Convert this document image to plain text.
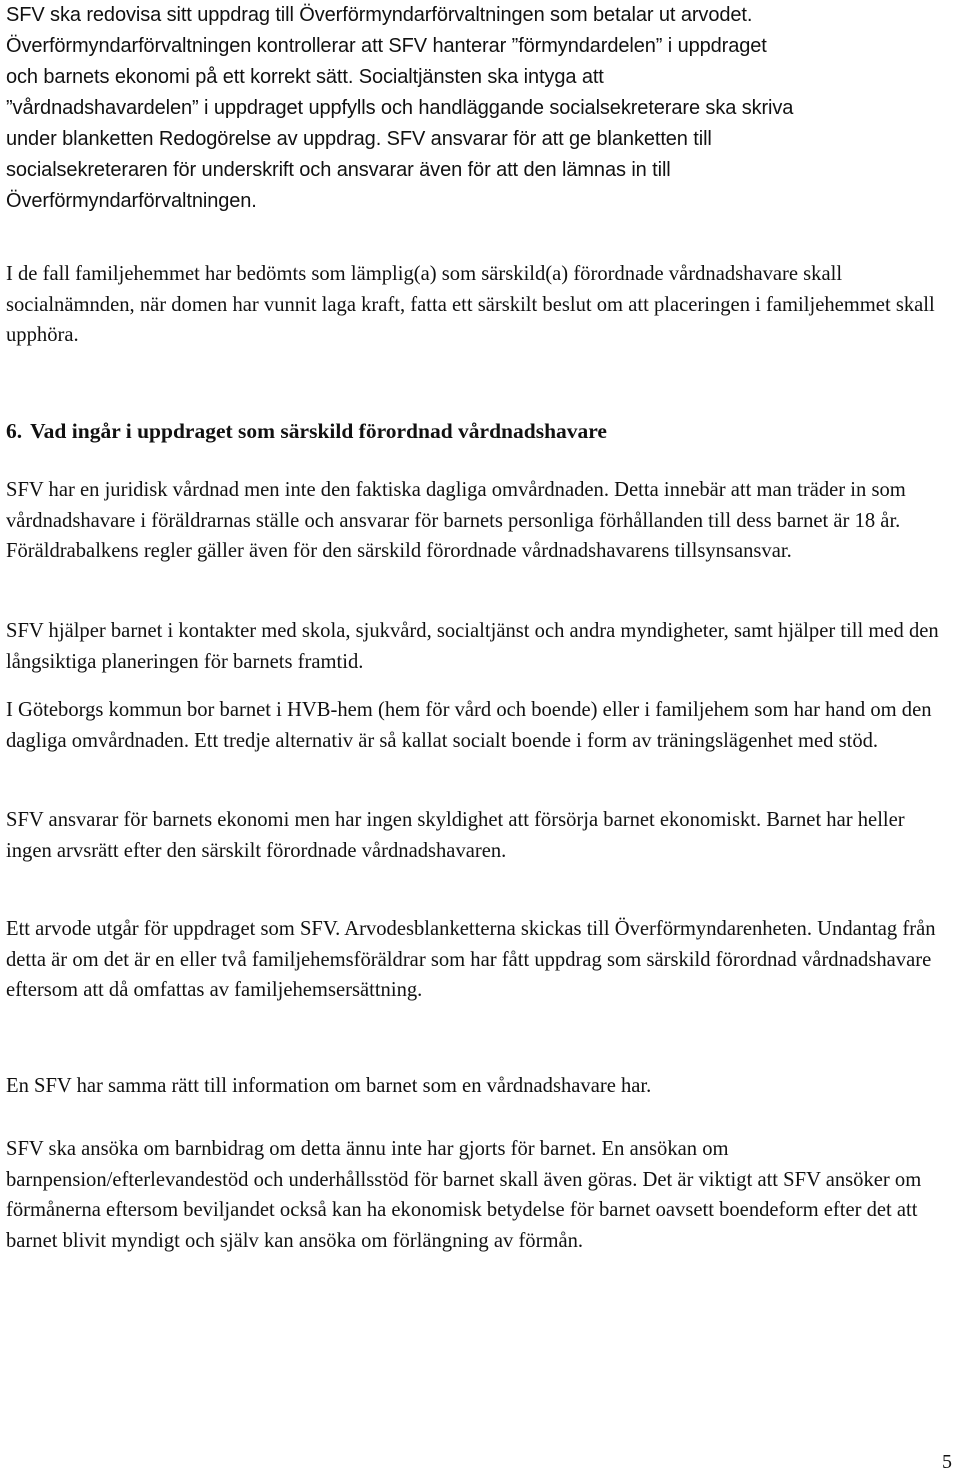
SFV ska redovisa sitt uppdrag till Överförmyndarförvaltningen som betalar ut arvodet.

Överförmyndarförvaltningen kontrollerar att SFV hanterar ”förmyndardelen” i uppdraget

och barnets ekonomi på ett korrekt sätt. Socialtjänsten ska intyga att

”vårdnadshavardelen” i uppdraget uppfylls och handläggande socialsekreterare ska skriva

under blanketten Redogörelse av uppdrag. SFV ansvarar för att ge blanketten till

socialsekreteraren för underskrift och ansvarar även för att den lämnas in till

Överförmyndarförvaltningen.

I de fall familjehemmet har bedömts som lämplig(a) som särskild(a) förordnade vårdnadshavare skall socialnämnden, när domen har vunnit laga kraft, fatta ett särskilt beslut om att placeringen i familjehemmet skall upphöra.

6. Vad ingår i uppdraget som särskild förordnad vårdnadshavare

SFV har en juridisk vårdnad men inte den faktiska dagliga omvårdnaden. Detta innebär att man träder in som vårdnadshavare i föräldrarnas ställe och ansvarar för barnets personliga förhållanden till dess barnet är 18 år. Föräldrabalkens regler gäller även för den särskild förordnade vårdnadshavarens tillsynsansvar.

SFV hjälper barnet i kontakter med skola, sjukvård, socialtjänst och andra myndigheter, samt hjälper till med den långsiktiga planeringen för barnets framtid.

I Göteborgs kommun bor barnet i HVB-hem (hem för vård och boende) eller i familjehem som har hand om den dagliga omvårdnaden. Ett tredje alternativ är så kallat socialt boende i form av träningslägenhet med stöd.

SFV ansvarar för barnets ekonomi men har ingen skyldighet att försörja barnet ekonomiskt. Barnet har heller ingen arvsrätt efter den särskilt förordnade vårdnadshavaren.

Ett arvode utgår för uppdraget som SFV. Arvodesblanketterna skickas till Överförmyndarenheten. Undantag från detta är om det är en eller två familjehemsföräldrar som har fått uppdrag som särskild förordnad vårdnadshavare eftersom att då omfattas av familjehemsersättning.

En SFV har samma rätt till information om barnet som en vårdnadshavare har.

SFV ska ansöka om barnbidrag om detta ännu inte har gjorts för barnet. En ansökan om barnpension/efterlevandestöd och underhållsstöd för barnet skall även göras. Det är viktigt att SFV ansöker om förmånerna eftersom beviljandet också kan ha ekonomisk betydelse för barnet oavsett boendeform efter det att barnet blivit myndigt och själv kan ansöka om förlängning av förmån.

5
